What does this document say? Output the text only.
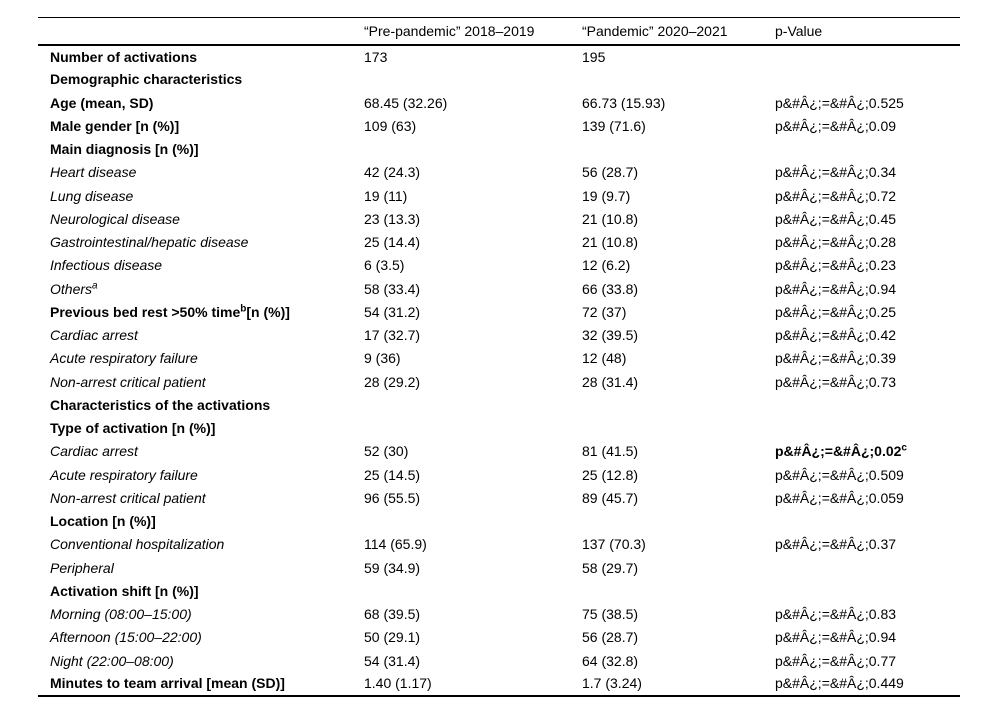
	“Pre-pandemic” 2018–2019	“Pandemic” 2020–2021	p-Value
Number of activations	173	195	
Demographic characteristics			
Age (mean, SD)	68.45 (32.26)	66.73 (15.93)	p&#Â¿;=&#Â¿;0.525
Male gender [n (%)]	109 (63)	139 (71.6)	p&#Â¿;=&#Â¿;0.09
Main diagnosis [n (%)]			
Heart disease	42 (24.3)	56 (28.7)	p&#Â¿;=&#Â¿;0.34
Lung disease	19 (11)	19 (9.7)	p&#Â¿;=&#Â¿;0.72
Neurological disease	23 (13.3)	21 (10.8)	p&#Â¿;=&#Â¿;0.45
Gastrointestinal/hepatic disease	25 (14.4)	21 (10.8)	p&#Â¿;=&#Â¿;0.28
Infectious disease	6 (3.5)	12 (6.2)	p&#Â¿;=&#Â¿;0.23
Others$^a$	58 (33.4)	66 (33.8)	p&#Â¿;=&#Â¿;0.94
Previous bed rest >50% time$^b$[n (%)]	54 (31.2)	72 (37)	p&#Â¿;=&#Â¿;0.25
Cardiac arrest	17 (32.7)	32 (39.5)	p&#Â¿;=&#Â¿;0.42
Acute respiratory failure	9 (36)	12 (48)	p&#Â¿;=&#Â¿;0.39
Non-arrest critical patient	28 (29.2)	28 (31.4)	p&#Â¿;=&#Â¿;0.73
Characteristics of the activations			
Type of activation [n (%)]			
Cardiac arrest	52 (30)	81 (41.5)	p&#Â¿;=&#Â¿;0.02$^c$
Acute respiratory failure	25 (14.5)	25 (12.8)	p&#Â¿;=&#Â¿;0.509
Non-arrest critical patient	96 (55.5)	89 (45.7)	p&#Â¿;=&#Â¿;0.059
Location [n (%)]			
Conventional hospitalization	114 (65.9)	137 (70.3)	p&#Â¿;=&#Â¿;0.37
Peripheral	59 (34.9)	58 (29.7)	
Activation shift [n (%)]			
Morning (08:00–15:00)	68 (39.5)	75 (38.5)	p&#Â¿;=&#Â¿;0.83
Afternoon (15:00–22:00)	50 (29.1)	56 (28.7)	p&#Â¿;=&#Â¿;0.94
Night (22:00–08:00)	54 (31.4)	64 (32.8)	p&#Â¿;=&#Â¿;0.77
Minutes to team arrival [mean (SD)]	1.40 (1.17)	1.7 (3.24)	p&#Â¿;=&#Â¿;0.449
